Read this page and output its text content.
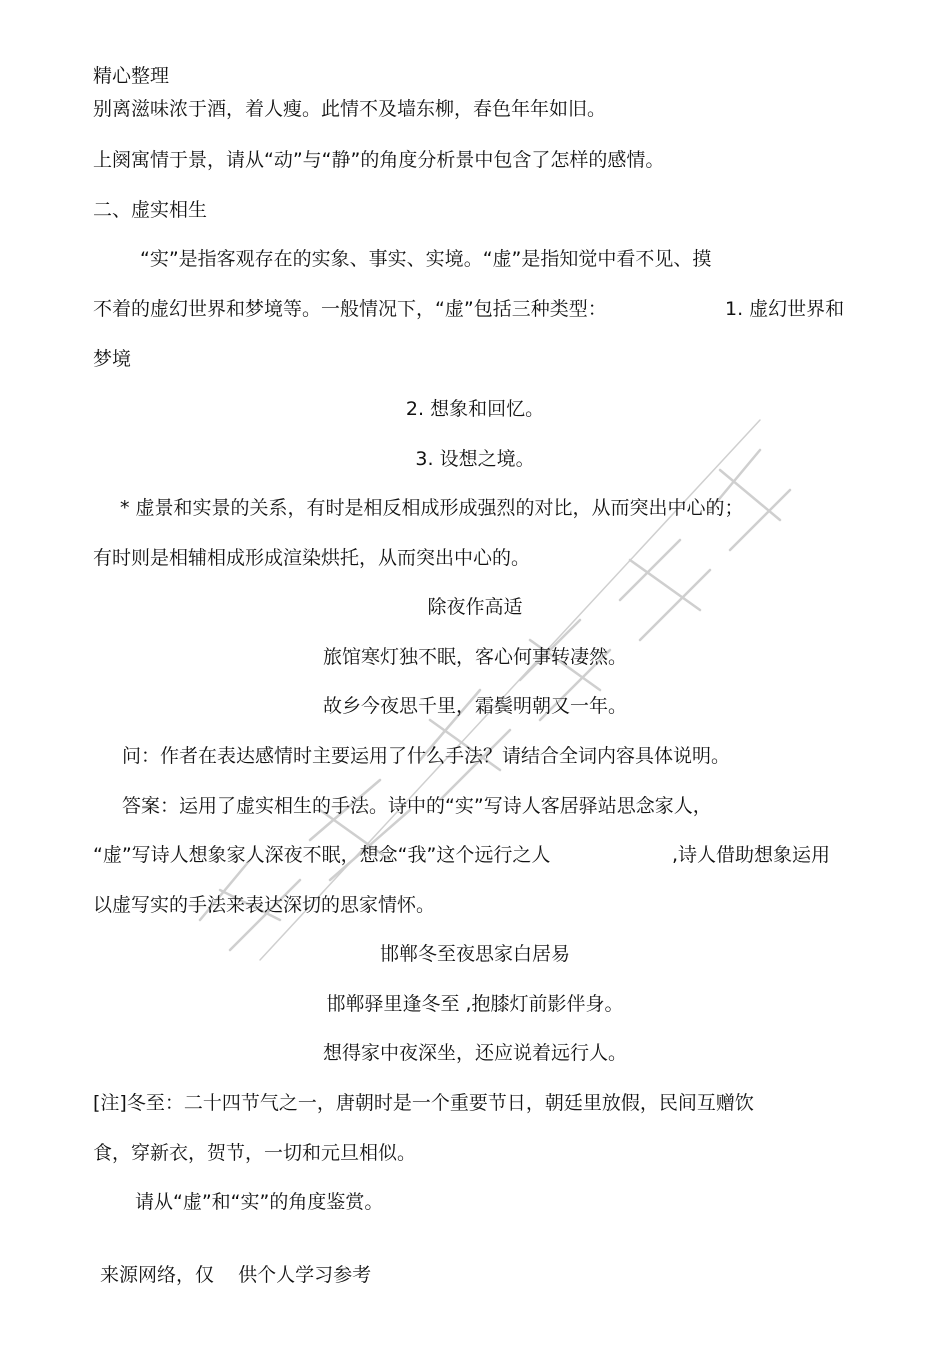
精心整理
别离滋味浓于酒，着人瘦。此情不及墙东柳，春色年年如旧。
上阕寓情于景，请从“动”与“静”的角度分析景中包含了怎样的感情。
二、虚实相生
“实”是指客观存在的实象、事实、实境。“虚”是指知觉中看不见、摸
不着的虚幻世界和梦境等。一般情况下，“虚”包括三种类型：	1. 虚幻世界和
梦境
2. 想象和回忆。
3. 设想之境。
* 虚景和实景的关系，有时是相反相成形成强烈的对比，从而突出中心的；
有时则是相辅相成形成渲染烘托，从而突出中心的。
除夜作高适
旅馆寒灯独不眠，客心何事转凄然。
故乡今夜思千里，霜鬓明朝又一年。
问：作者在表达感情时主要运用了什么手法？请结合全词内容具体说明。
答案：运用了虚实相生的手法。诗中的“实”写诗人客居驿站思念家人，
“虚”写诗人想象家人深夜不眠，想念“我”这个远行之人	,诗人借助想象运用
以虚写实的手法来表达深切的思家情怀。
邯郸冬至夜思家白居易
邯郸驿里逢冬至 ,抱膝灯前影伴身。
想得家中夜深坐，还应说着远行人。
[注]冬至：二十四节气之一，唐朝时是一个重要节日，朝廷里放假，民间互赠饮
食，穿新衣，贺节，一切和元旦相似。
请从“虚”和“实”的角度鉴赏。
来源网络，仅    供个人学习参考
